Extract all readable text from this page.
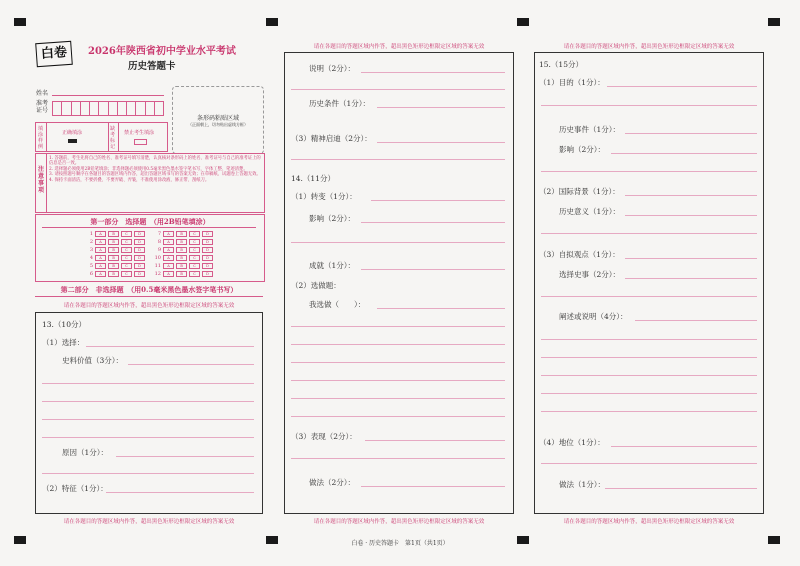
白卷	2026年陕西省初中学业水平考试
历史答题卡
姓名
准考证号
条形码粘贴区域
（正面朝上，切勿贴出虚线方框）
填涂样例
正确填涂
缺考标记
禁止考生填涂
注意事项
1. 答题前，考生先将自己的姓名、准考证号填写清楚，认真核对条形码上的姓名、准考证号与自己的准考证上的信息是否一致。
2. 选择题必须使用2B铅笔填涂；非选择题必须使用0.5毫米黑色墨水签字笔书写，字体工整、笔迹清楚。
3. 请按照题号顺序在各题目的答题区域内作答，超出答题区域书写的答案无效；在草稿纸、试题卷上答题无效。
4. 保持卡面清洁，不要折叠、不要弄破、弄皱，不准使用涂改液、修正带、刮纸刀。
第一部分　选择题　（用2B铅笔填涂）
1	A	B	C	D
2	A	B	C	D
3	A	B	C	D
4	A	B	C	D
5	A	B	C	D
6	A	B	C	D
7	A	B	C	D
8	A	B	C	D
9	A	B	C	D
10	A	B	C	D
11	A	B	C	D
12	A	B	C	D
第二部分　非选择题　（用0.5毫米黑色墨水签字笔书写）
请在各题目的答题区域内作答，超出黑色矩形边框限定区域的答案无效
13.（10分）
（1）选择：
史料价值（3分）：
原因（1分）：
（2）特征（1分）：
请在各题目的答题区域内作答，超出黑色矩形边框限定区域的答案无效
请在各题目的答题区域内作答，超出黑色矩形边框限定区域的答案无效
说明（2分）：
历史条件（1分）：
（3）精神启迪（2分）：
14.（11分）
（1）转变（1分）：
影响（2分）：
成就（1分）：
（2）选做题：
我选做（　　）：
（3）表现（2分）：
做法（2分）：
请在各题目的答题区域内作答，超出黑色矩形边框限定区域的答案无效
请在各题目的答题区域内作答，超出黑色矩形边框限定区域的答案无效
15.（15分）
（1）目的（1分）：
历史事件（1分）：
影响（2分）：
（2）国际背景（1分）：
历史意义（1分）：
（3）自拟观点（1分）：
选择史事（2分）：
阐述或说明（4分）：
（4）地位（1分）：
做法（1分）：
请在各题目的答题区域内作答，超出黑色矩形边框限定区域的答案无效
白卷 · 历史答题卡　第1页（共1页）
